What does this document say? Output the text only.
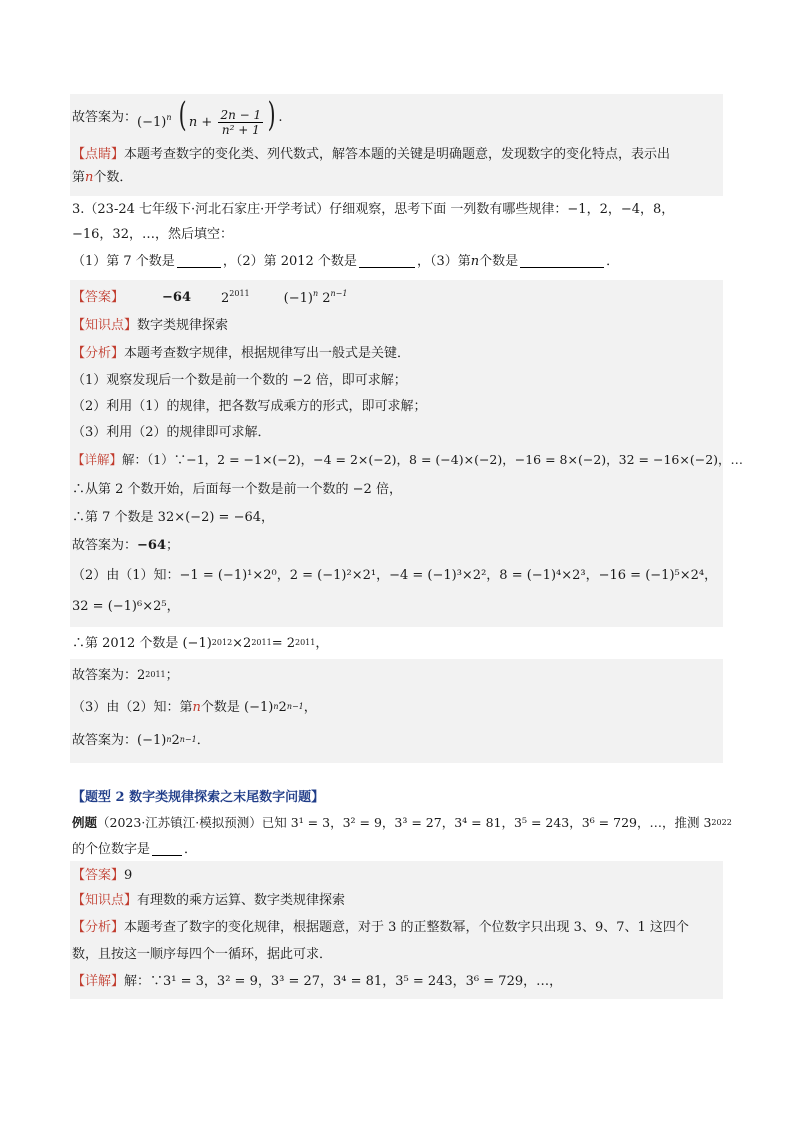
故答案为： $(-1)^n$ ( $n + \frac{2n - 1}{\text{n² + 1}}$ ) .
【点睛】 本题考查数字的变化类、列代数式，解答本题的关键是明确题意，发现数字的变化特点，表示出
第 n 个数．
3.（23-24 七年级下·河北石家庄·开学考试）仔细观察，思考下面 一列数有哪些规律：−1，2，−4，8，
−16，32，…，然后填空：
（1）第 7 个数是	，（2）第 2012 个数是	，（3）第 n 个数是	．
【答案】	−64 $2^{2011}$	$(-1)^n$ $2^{n-1}$
【知识点】 数字类规律探索
【分析】 本题考查数字规律，根据规律写出一般式是关键．
（1）观察发现后一个数是前一个数的 −2 倍，即可求解；
（2）利用（1）的规律，把各数写成乘方的形式，即可求解；
（3）利用（2）的规律即可求解．
【详解】 解：（1）∵−1，2 = −1×(−2)，−4 = 2×(−2)，8 = (−4)×(−2)，−16 = 8×(−2)，32 = −16×(−2)，…
∴从第 2 个数开始，后面每一个数是前一个数的 −2 倍，
∴第 7 个数是 32×(−2) = −64，
故答案为： −64 ；
（2）由（1）知：−1 = (−1)¹×2⁰，2 = (−1)²×2¹，−4 = (−1)³×2²，8 = (−1)⁴×2³，−16 = (−1)⁵×2⁴，
32 = (−1)⁶×2⁵，
∴第 2012 个数是 (−1) 2012 ×2 2011 = 2 2011 ，
故答案为：2 2011 ；
（3）由（2）知：第 n 个数是 (−1) n 2 n−1 ，
故答案为：(−1) n 2 n−1 ．
【题型 2 数字类规律探索之末尾数字问题】
例题 （2023·江苏镇江·模拟预测）已知 3¹ = 3，3² = 9，3³ = 27，3⁴ = 81，3⁵ = 243，3⁶ = 729，…，推测 3 2022
的个位数字是	．
【答案】 9
【知识点】 有理数的乘方运算、数字类规律探索
【分析】 本题考查了数字的变化规律，根据题意，对于 3 的正整数幂，个位数字只出现 3、9、7、1 这四个
数，且按这一顺序每四个一循环，据此可求．
【详解】 解：∵3¹ = 3，3² = 9，3³ = 27，3⁴ = 81，3⁵ = 243，3⁶ = 729，…，
